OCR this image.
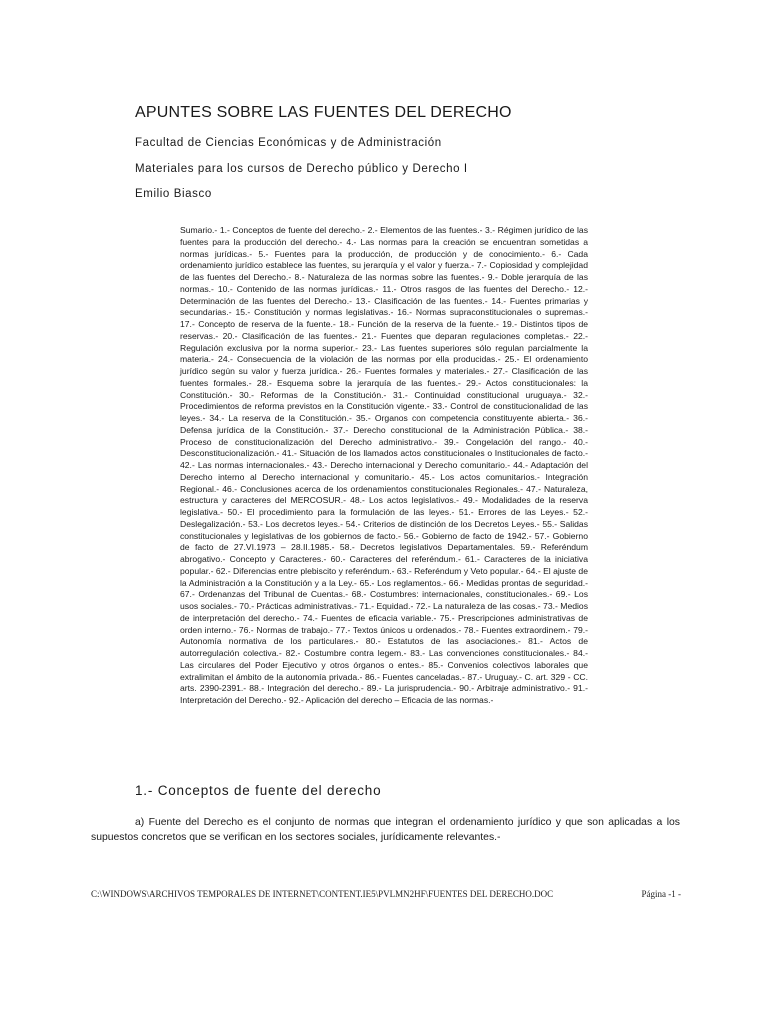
APUNTES SOBRE LAS FUENTES DEL DERECHO

Facultad de Ciencias Económicas y de Administración

Materiales para los cursos de Derecho público y Derecho I

Emilio Biasco

Sumario.- 1.- Conceptos de fuente del derecho.- 2.- Elementos de las fuentes.- 3.- Régimen jurídico de las fuentes para la producción del derecho.- 4.- Las normas para la creación se encuentran sometidas a normas jurídicas.- 5.- Fuentes para la producción, de producción y de conocimiento.- 6.- Cada ordenamiento jurídico establece las fuentes, su jerarquía y el valor y fuerza.- 7.- Copiosidad y complejidad de las fuentes del Derecho.- 8.- Naturaleza de las normas sobre las fuentes.- 9.- Doble jerarquía de las normas.- 10.- Contenido de las normas jurídicas.- 11.- Otros rasgos de las fuentes del Derecho.- 12.- Determinación de las fuentes del Derecho.- 13.- Clasificación de las fuentes.- 14.- Fuentes primarias y secundarias.- 15.- Constitución y normas legislativas.- 16.- Normas supraconstitucionales o supremas.- 17.- Concepto de reserva de la fuente.- 18.- Función de la reserva de la fuente.- 19.- Distintos tipos de reservas.- 20.- Clasificación de las fuentes.- 21.- Fuentes que deparan regulaciones completas.- 22.- Regulación exclusiva por la norma superior.- 23.- Las fuentes superiores sólo regulan parcialmente la materia.- 24.- Consecuencia de la violación de las normas por ella producidas.- 25.- El ordenamiento jurídico según su valor y fuerza jurídica.- 26.- Fuentes formales y materiales.- 27.- Clasificación de las fuentes formales.- 28.- Esquema sobre la jerarquía de las fuentes.- 29.- Actos constitucionales: la Constitución.- 30.- Reformas de la Constitución.- 31.- Continuidad constitucional uruguaya.- 32.- Procedimientos de reforma previstos en la Constitución vigente.- 33.- Control de constitucionalidad de las leyes.- 34.- La reserva de la Constitución.- 35.- Organos con competencia constituyente abierta.- 36.- Defensa jurídica de la Constitución.- 37.- Derecho constitucional de la Administración Pública.- 38.- Proceso de constitucionalización del Derecho administrativo.- 39.- Congelación del rango.- 40.- Desconstitucionalización.- 41.- Situación de los llamados actos constitucionales o Institucionales de facto.- 42.- Las normas internacionales.- 43.- Derecho internacional y Derecho comunitario.- 44.- Adaptación del Derecho interno al Derecho internacional y comunitario.- 45.- Los actos comunitarios.- Integración Regional.- 46.- Conclusiones acerca de los ordenamientos constitucionales Regionales.- 47.- Naturaleza, estructura y caracteres del MERCOSUR.- 48.- Los actos legislativos.- 49.- Modalidades de la reserva legislativa.- 50.- El procedimiento para la formulación de las leyes.- 51.- Errores de las Leyes.- 52.- Deslegalización.- 53.- Los decretos leyes.- 54.- Criterios de distinción de los Decretos Leyes.- 55.- Salidas constitucionales y legislativas de los gobiernos de facto.- 56.- Gobierno de facto de 1942.- 57.- Gobierno de facto de 27.VI.1973 – 28.II.1985.- 58.- Decretos legislativos Departamentales. 59.- Referéndum abrogativo.- Concepto y Caracteres.- 60.- Caracteres del referéndum.- 61.- Caracteres de la iniciativa popular.- 62.- Diferencias entre plebiscito y referéndum.- 63.- Referéndum y Veto popular.- 64.- El ajuste de la Administración a la Constitución y a la Ley.- 65.- Los reglamentos.- 66.- Medidas prontas de seguridad.- 67.- Ordenanzas del Tribunal de Cuentas.- 68.- Costumbres: internacionales, constitucionales.- 69.- Los usos sociales.- 70.- Prácticas administrativas.- 71.- Equidad.- 72.- La naturaleza de las cosas.- 73.- Medios de interpretación del derecho.- 74.- Fuentes de eficacia variable.- 75.- Prescripciones administrativas de orden interno.- 76.- Normas de trabajo.- 77.- Textos únicos u ordenados.- 78.- Fuentes extraordinem.- 79.- Autonomía normativa de los particulares.- 80.- Estatutos de las asociaciones.- 81.- Actos de autorregulación colectiva.- 82.- Costumbre contra legem.- 83.- Las convenciones constitucionales.- 84.- Las circulares del Poder Ejecutivo y otros órganos o entes.- 85.- Convenios colectivos laborales que extralimitan el ámbito de la autonomía privada.- 86.- Fuentes canceladas.- 87.- Uruguay.- C. art. 329 - CC. arts. 2390-2391.- 88.- Integración del derecho.- 89.- La jurisprudencia.- 90.- Arbitraje administrativo.- 91.- Interpretación del Derecho.- 92.- Aplicación del derecho – Eficacia de las normas.-

1.- Conceptos de fuente del derecho

a) Fuente del Derecho es el conjunto de normas que integran el ordenamiento jurídico y que son aplicadas a los supuestos concretos que se verifican en los sectores sociales, jurídicamente relevantes.-

C:\WINDOWS\ARCHIVOS TEMPORALES DE INTERNET\CONTENT.IE5\PVLMN2HF\FUENTES DEL DERECHO.DOC	Página -1 -
